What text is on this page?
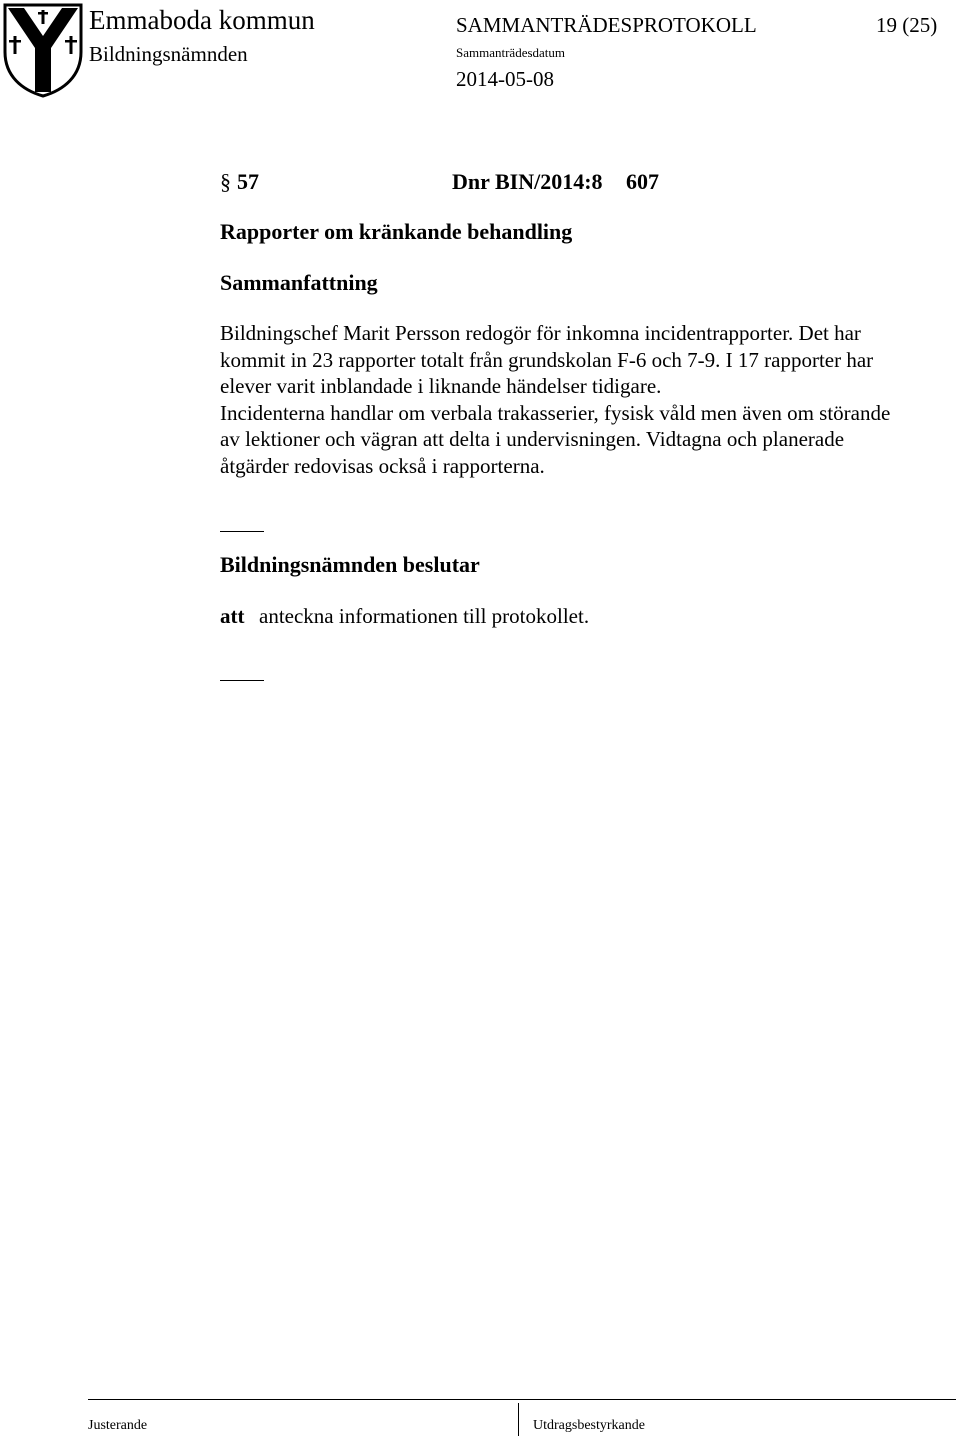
Emmaboda kommun
Bildningsnämnden
SAMMANTRÄDESPROTOKOLL	19 (25)
Sammanträdesdatum
2014-05-08
§ 57	Dnr BIN/2014:8 607
Rapporter om kränkande behandling
Sammanfattning
Bildningschef Marit Persson redogör för inkomna incidentrapporter. Det har
kommit in 23 rapporter totalt från grundskolan F-6 och 7-9. I 17 rapporter har
elever varit inblandade i liknande händelser tidigare.
Incidenterna handlar om verbala trakasserier, fysisk våld men även om störande
av lektioner och vägran att delta i undervisningen. Vidtagna och planerade
åtgärder redovisas också i rapporterna.
Bildningsnämnden beslutar
att anteckna informationen till protokollet.
Justerande	Utdragsbestyrkande
